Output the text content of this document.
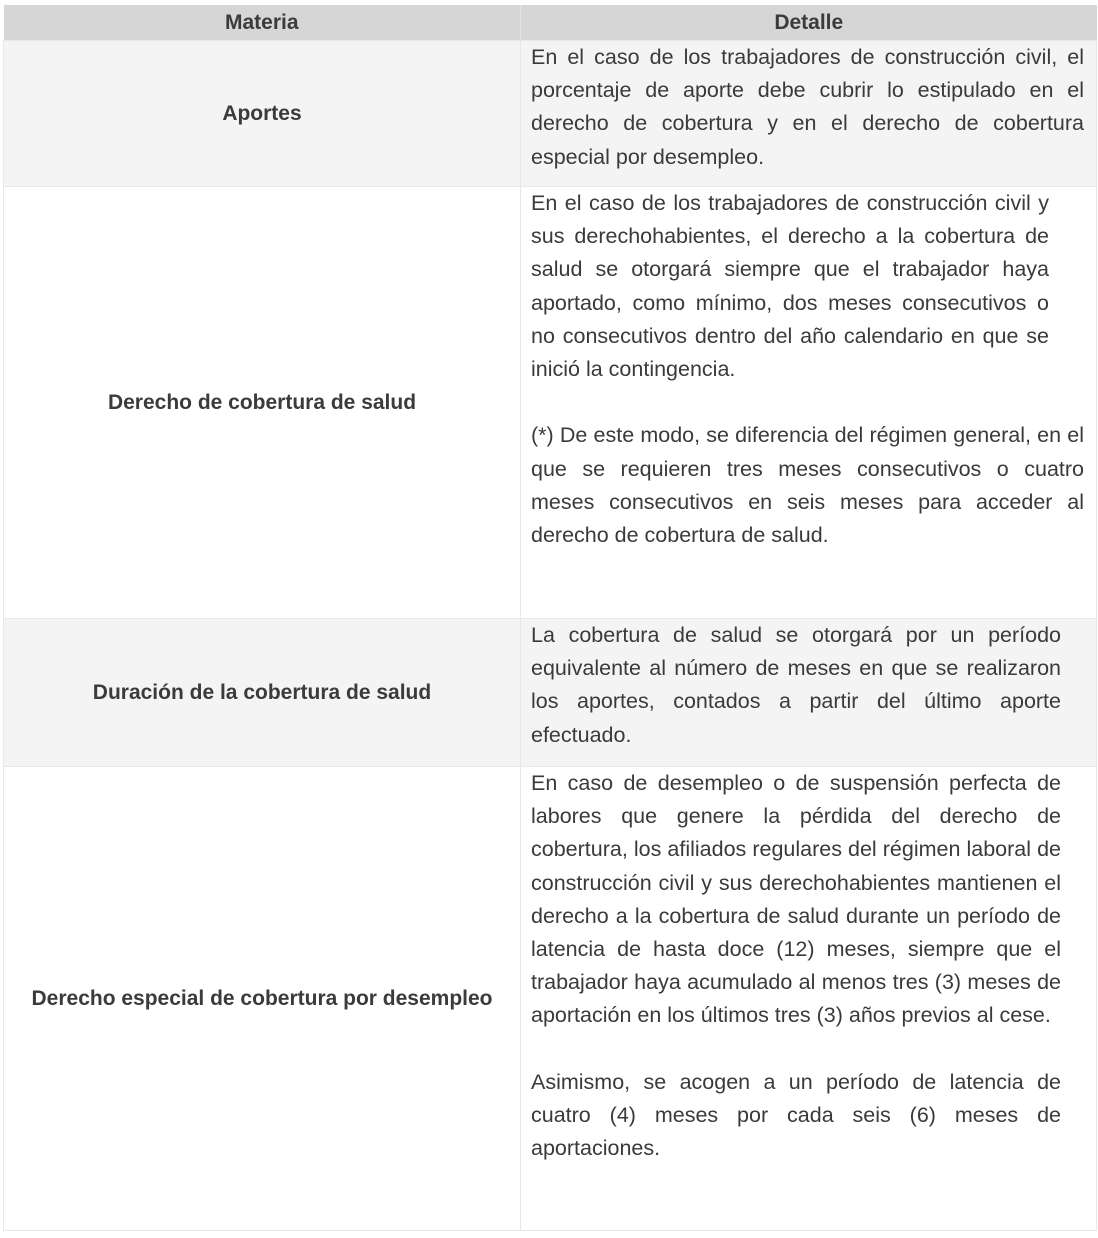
Materia	Detalle
Aportes	En el caso de los trabajadores de construcción civil, el porcentaje de aporte debe cubrir lo estipulado en el derecho de cobertura y en el derecho de cobertura especial por desempleo.

Derecho de cobertura de salud	En el caso de los trabajadores de construcción civil y sus derechohabientes, el derecho a la cobertura de salud se otorgará siempre que el trabajador haya aportado, como mínimo, dos meses consecutivos o no consecutivos dentro del año calendario en que se inició la contingencia.

(*) De este modo, se diferencia del régimen general, en el que se requieren tres meses consecutivos o cuatro meses consecutivos en seis meses para acceder al derecho de cobertura de salud.

Duración de la cobertura de salud	La cobertura de salud se otorgará por un período equivalente al número de meses en que se realizaron los aportes, contados a partir del último aporte efectuado.

Derecho especial de cobertura por desempleo	En caso de desempleo o de suspensión perfecta de labores que genere la pérdida del derecho de cobertura, los afiliados regulares del régimen laboral de construcción civil y sus derechohabientes mantienen el derecho a la cobertura de salud durante un período de latencia de hasta doce (12) meses, siempre que el trabajador haya acumulado al menos tres (3) meses de aportación en los últimos tres (3) años previos al cese.

Asimismo, se acogen a un período de latencia de cuatro (4) meses por cada seis (6) meses de aportaciones.
